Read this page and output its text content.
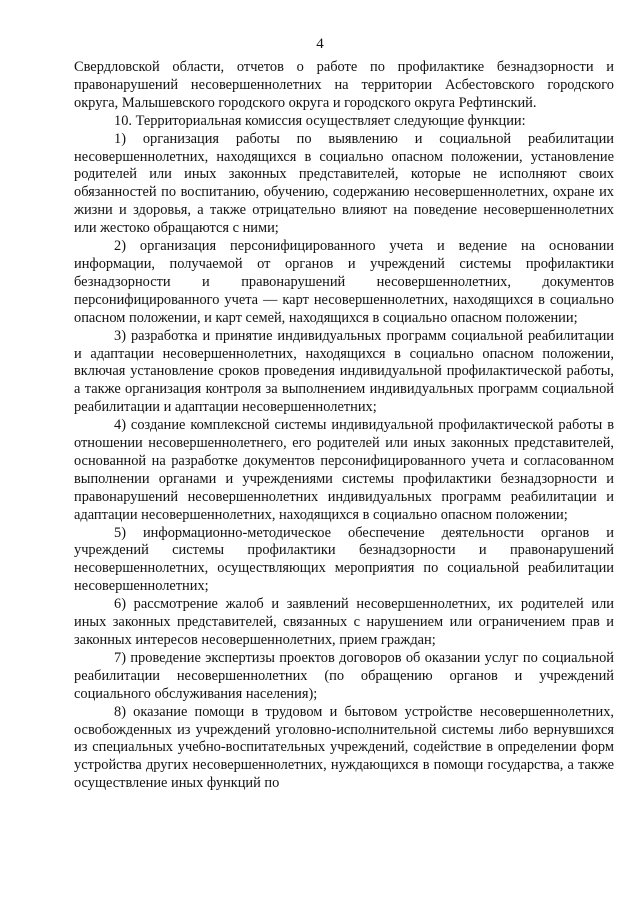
4

Свердловской области, отчетов о работе по профилактике безнадзорности и правонарушений несовершеннолетних на территории Асбестовского городского округа, Малышевского городского округа и городского округа Рефтинский.

10. Территориальная комиссия осуществляет следующие функции:

1) организация работы по выявлению и социальной реабилитации несовершеннолетних, находящихся в социально опасном положении, установление родителей или иных законных представителей, которые не исполняют своих обязанностей по воспитанию, обучению, содержанию несовершеннолетних, охране их жизни и здоровья, а также отрицательно влияют на поведение несовершеннолетних или жестоко обращаются с ними;

2) организация персонифицированного учета и ведение на основании информации, получаемой от органов и учреждений системы профилактики безнадзорности и правонарушений несовершеннолетних, документов персонифицированного учета — карт несовершеннолетних, находящихся в социально опасном положении, и карт семей, находящихся в социально опасном положении;

3) разработка и принятие индивидуальных программ социальной реабилитации и адаптации несовершеннолетних, находящихся в социально опасном положении, включая установление сроков проведения индивидуальной профилактической работы, а также организация контроля за выполнением индивидуальных программ социальной реабилитации и адаптации несовершеннолетних;

4) создание комплексной системы индивидуальной профилактической работы в отношении несовершеннолетнего, его родителей или иных законных представителей, основанной на разработке документов персонифицированного учета и согласованном выполнении органами и учреждениями системы профилактики безнадзорности и правонарушений несовершеннолетних индивидуальных программ реабилитации и адаптации несовершеннолетних, находящихся в социально опасном положении;

5) информационно-методическое обеспечение деятельности органов и учреждений системы профилактики безнадзорности и правонарушений несовершеннолетних, осуществляющих мероприятия по социальной реабилитации несовершеннолетних;

6) рассмотрение жалоб и заявлений несовершеннолетних, их родителей или иных законных представителей, связанных с нарушением или ограничением прав и законных интересов несовершеннолетних, прием граждан;

7) проведение экспертизы проектов договоров об оказании услуг по социальной реабилитации несовершеннолетних (по обращению органов и учреждений социального обслуживания населения);

8) оказание помощи в трудовом и бытовом устройстве несовершеннолетних, освобожденных из учреждений уголовно-исполнительной системы либо вернувшихся из специальных учебно-воспитательных учреждений, содействие в определении форм устройства других несовершеннолетних, нуждающихся в помощи государства, а также осуществление иных функций по
